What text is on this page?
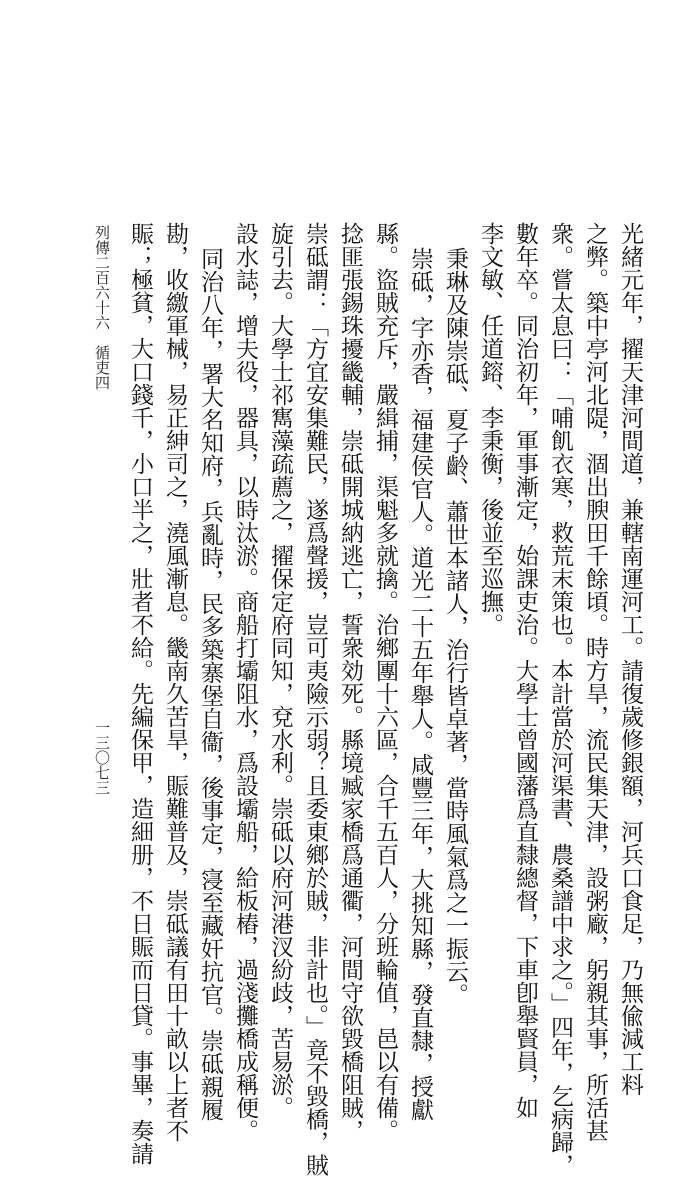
列傳二百六十六　循吏四
一三〇七三	光緒元年，擢天津河間道，兼轄南運河工。請復歲修銀額，河兵口食足，乃無偸減工料
之弊。築中亭河北隄，涸出腴田千餘頃。時方旱，流民集天津，設粥廠，躬親其事，所活甚
衆。嘗太息曰：「哺飢衣寒，救荒末策也。本計當於河渠書、農桑譜中求之。」四年，乞病歸，
數年卒。同治初年，軍事漸定，始課吏治。大學士曾國藩爲直隸總督，下車卽舉賢員，如
李文敏、任道鎔、李秉衡，後並至巡撫。
秉琳及陳崇砥、夏子齡、蕭世本諸人，治行皆卓著，當時風氣爲之一振云。
崇砥，字亦香，福建侯官人。道光二十五年舉人。咸豐三年，大挑知縣，發直隸，授獻
縣。盜賊充斥，嚴緝捕，渠魁多就擒。治鄉團十六區，合千五百人，分班輪值，邑以有備。
捻匪張錫珠擾畿輔，崇砥開城納逃亡，誓衆効死。縣境臧家橋爲通衢，河間守欲毀橋阻賊，
崇砥謂：「方宜安集難民，遂爲聲援，豈可夷險示弱？且委東鄉於賊，非計也。」竟不毀橋，賊
旋引去。大學士祁寯藻疏薦之，擢保定府同知，兗水利。崇砥以府河港汊紛歧，苦易淤。
設水誌，增夫役，器具，以時汰淤。商船打壩阻水，爲設壩船，給板樁，過淺攤橋成稱便。
同治八年，署大名知府，兵亂時，民多築寨堡自衞，後事定，寖至藏奸抗官。崇砥親履
勘，收繳軍械，易正紳司之，澆風漸息。畿南久苦旱，賑難普及，崇砥議有田十畝以上者不
賑；極貧，大口錢千，小口半之，壯者不給。先編保甲，造細册，不日賑而日貸。事畢，奏請
